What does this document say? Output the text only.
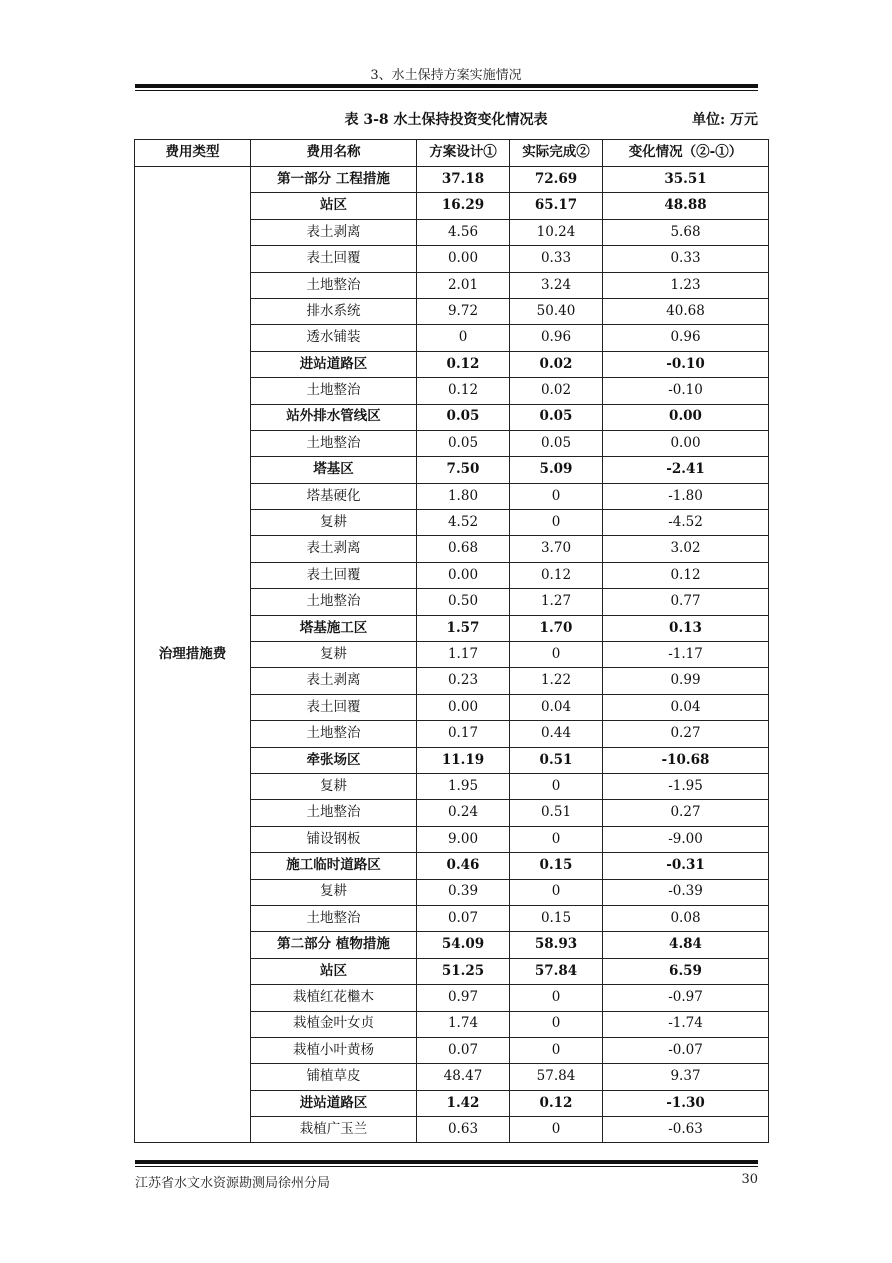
3、水土保持方案实施情况
表 3-8 水土保持投资变化情况表	单位: 万元
费用类型	费用名称	方案设计①	实际完成②	变化情况（②-①）
治理措施费	第一部分 工程措施	37.18	72.69	35.51
	站区	16.29	65.17	48.88
	表土剥离	4.56	10.24	5.68
	表土回覆	0.00	0.33	0.33
	土地整治	2.01	3.24	1.23
	排水系统	9.72	50.40	40.68
	透水铺装	0	0.96	0.96
	进站道路区	0.12	0.02	-0.10
	土地整治	0.12	0.02	-0.10
	站外排水管线区	0.05	0.05	0.00
	土地整治	0.05	0.05	0.00
	塔基区	7.50	5.09	-2.41
	塔基硬化	1.80	0	-1.80
	复耕	4.52	0	-4.52
	表土剥离	0.68	3.70	3.02
	表土回覆	0.00	0.12	0.12
	土地整治	0.50	1.27	0.77
	塔基施工区	1.57	1.70	0.13
	复耕	1.17	0	-1.17
	表土剥离	0.23	1.22	0.99
	表土回覆	0.00	0.04	0.04
	土地整治	0.17	0.44	0.27
	牵张场区	11.19	0.51	-10.68
	复耕	1.95	0	-1.95
	土地整治	0.24	0.51	0.27
	铺设钢板	9.00	0	-9.00
	施工临时道路区	0.46	0.15	-0.31
	复耕	0.39	0	-0.39
	土地整治	0.07	0.15	0.08
	第二部分 植物措施	54.09	58.93	4.84
	站区	51.25	57.84	6.59
	栽植红花檵木	0.97	0	-0.97
	栽植金叶女贞	1.74	0	-1.74
	栽植小叶黄杨	0.07	0	-0.07
	铺植草皮	48.47	57.84	9.37
	进站道路区	1.42	0.12	-1.30
	栽植广玉兰	0.63	0	-0.63
江苏省水文水资源勘测局徐州分局	30
